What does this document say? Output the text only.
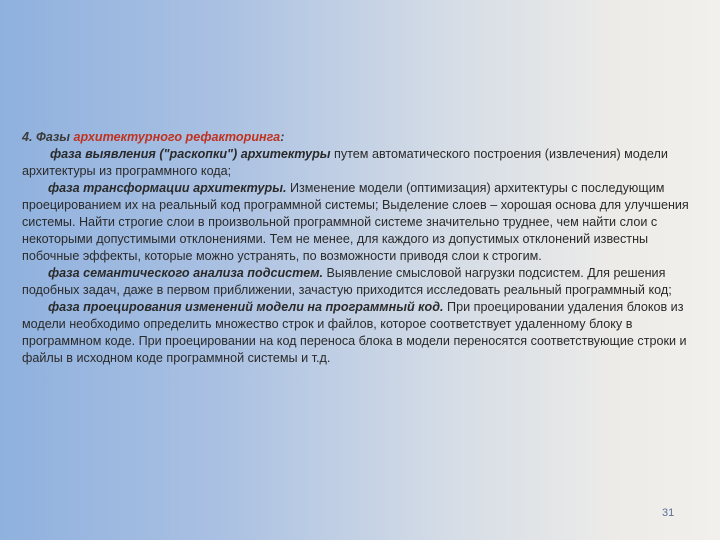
4. Фазы архитектурного рефакторинга:

фаза выявления ("раскопки") архитектуры путем автоматического построения (извлечения) модели архитектуры из программного кода;

фаза трансформации архитектуры. Изменение модели (оптимизация) архитектуры с последующим проецированием их на реальный код программной системы; Выделение слоев – хорошая основа для улучшения системы. Найти строгие слои в произвольной программной системе значительно труднее, чем найти слои с некоторыми допустимыми отклонениями. Тем не менее, для каждого из допустимых отклонений известны побочные эффекты, которые можно устранять, по возможности приводя слои к строгим.

фаза семантического анализа подсистем. Выявление смысловой нагрузки подсистем. Для решения подобных задач, даже в первом приближении, зачастую приходится исследовать реальный программный код;

фаза проецирования изменений модели на программный код. При проецировании удаления блоков из модели необходимо определить множество строк и файлов, которое соответствует удаленному блоку в программном коде. При проецировании на код переноса блока в модели переносятся соответствующие строки и файлы в исходном коде программной системы и т.д.

31
